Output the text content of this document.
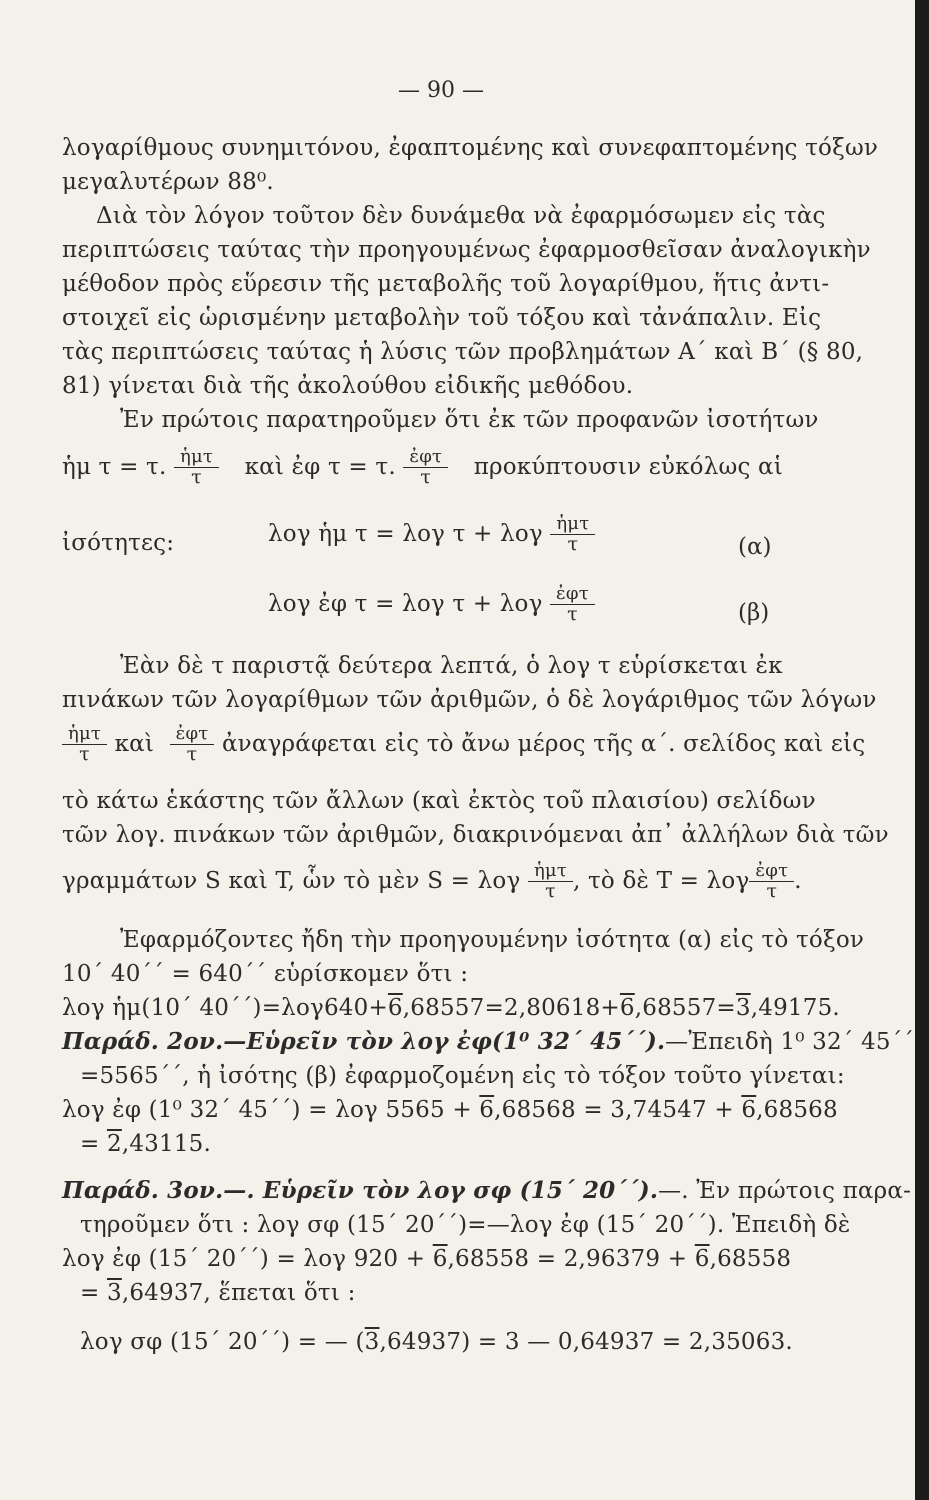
— 90 —
λογαρίθμους συνημιτόνου, ἐφαπτομένης καὶ συνεφαπτομένης τόξων
μεγαλυτέρων 88⁰.
Διὰ τὸν λόγον τοῦτον δὲν δυνάμεθα νὰ ἐφαρμόσωμεν εἰς τὰς
περιπτώσεις ταύτας τὴν προηγουμένως ἐφαρμοσθεῖσαν ἀναλογικὴν
μέθοδον πρὸς εὕρεσιν τῆς μεταβολῆς τοῦ λογαρίθμου, ἥτις ἀντι-
στοιχεῖ εἰς ὡρισμένην μεταβολὴν τοῦ τόξου καὶ τἀνάπαλιν. Εἰς
τὰς περιπτώσεις ταύτας ἡ λύσις τῶν προβλημάτων Α΄ καὶ Β΄ (§ 80,
81) γίνεται διὰ τῆς ἀκολούθου εἰδικῆς μεθόδου.
Ἐν πρώτοις παρατηροῦμεν ὅτι ἐκ τῶν προφανῶν ἰσοτήτων
ἡμ τ = τ. $\frac{\text{ἡμτ}}{\tau}$ καὶ ἐφ τ = τ. $\frac{\text{ἐφτ}}{\tau}$ προκύπτουσιν εὐκόλως αἱ
ἰσότητες:	λογ ἡμ τ = λογ τ + λογ $\frac{\text{ἡμτ}}{\tau}$	(α)
λογ ἐφ τ = λογ τ + λογ $\frac{\text{ἐφτ}}{\tau}$	(β)
Ἐὰν δὲ τ παριστᾷ δεύτερα λεπτά, ὁ λογ τ εὑρίσκεται ἐκ
πινάκων τῶν λογαρίθμων τῶν ἀριθμῶν, ὁ δὲ λογάριθμος τῶν λόγων
$\frac{\text{ἡμτ}}{\tau}$ καὶ $\frac{\text{ἐφτ}}{\tau}$ ἀναγράφεται εἰς τὸ ἄνω μέρος τῆς α΄. σελίδος καὶ εἰς
τὸ κάτω ἑκάστης τῶν ἄλλων (καὶ ἐκτὸς τοῦ πλαισίου) σελίδων
τῶν λογ. πινάκων τῶν ἀριθμῶν, διακρινόμεναι ἀπ᾽ ἀλλήλων διὰ τῶν
γραμμάτων S καὶ T, ὧν τὸ μὲν S = λογ $\frac{\text{ἡμτ}}{\tau}$ , τὸ δὲ T = λογ $\frac{\text{ἐφτ}}{\tau}$ .
Ἐφαρμόζοντες ἤδη τὴν προηγουμένην ἰσότητα (α) εἰς τὸ τόξον
10΄ 40΄΄ = 640΄΄ εὑρίσκομεν ὅτι :
λογ ἡμ(10΄ 40΄΄)=λογ640+6,68557=2,80618+6,68557=3,49175.
Παράδ. 2ον.—Εὑρεῖν τὸν λογ ἐφ(1⁰ 32΄ 45΄΄).—Ἐπειδὴ 1⁰ 32΄ 45΄΄
=5565΄΄, ἡ ἰσότης (β) ἐφαρμοζομένη εἰς τὸ τόξον τοῦτο γίνεται:
λογ ἐφ (1⁰ 32΄ 45΄΄) = λογ 5565 + 6,68568 = 3,74547 + 6,68568
= 2,43115.
Παράδ. 3ον.—. Εὑρεῖν τὸν λογ σφ (15΄ 20΄΄).—. Ἐν πρώτοις παρα-
τηροῦμεν ὅτι : λογ σφ (15΄ 20΄΄)=—λογ ἐφ (15΄ 20΄΄). Ἐπειδὴ δὲ
λογ ἐφ (15΄ 20΄΄) = λογ 920 + 6,68558 = 2,96379 + 6,68558
= 3,64937, ἕπεται ὅτι :
λογ σφ (15΄ 20΄΄) = — (3,64937) = 3 — 0,64937 = 2,35063.
